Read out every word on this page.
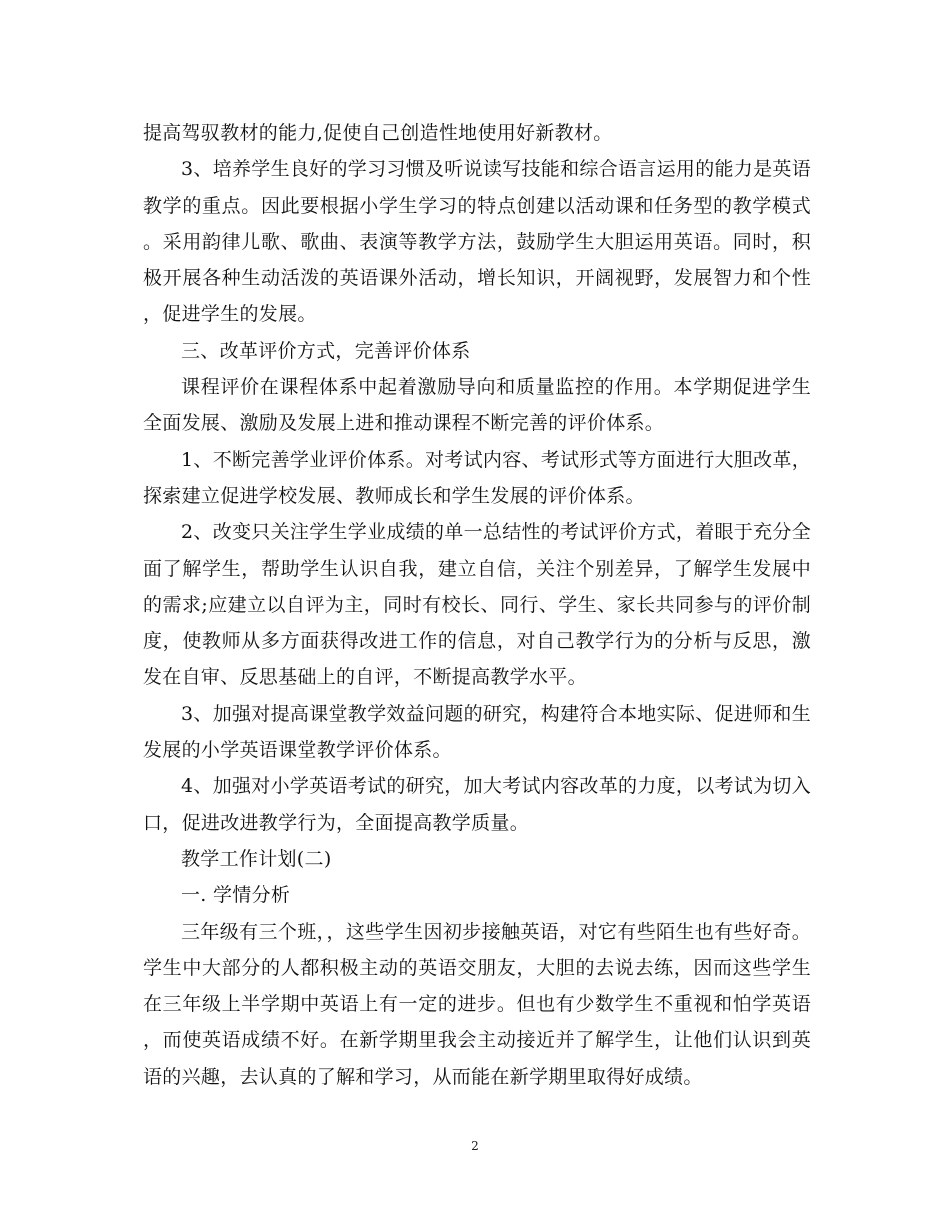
提高驾驭教材的能力,促使自己创造性地使用好新教材。

3、培养学生良好的学习习惯及听说读写技能和综合语言运用的能力是英语教学的重点。因此要根据小学生学习的特点创建以活动课和任务型的教学模式。采用韵律儿歌、歌曲、表演等教学方法，鼓励学生大胆运用英语。同时，积极开展各种生动活泼的英语课外活动，增长知识，开阔视野，发展智力和个性，促进学生的发展。

三、改革评价方式，完善评价体系

课程评价在课程体系中起着激励导向和质量监控的作用。本学期促进学生全面发展、激励及发展上进和推动课程不断完善的评价体系。

1、不断完善学业评价体系。对考试内容、考试形式等方面进行大胆改革，探索建立促进学校发展、教师成长和学生发展的评价体系。

2、改变只关注学生学业成绩的单一总结性的考试评价方式，着眼于充分全面了解学生，帮助学生认识自我，建立自信，关注个别差异，了解学生发展中的需求;应建立以自评为主，同时有校长、同行、学生、家长共同参与的评价制度，使教师从多方面获得改进工作的信息，对自己教学行为的分析与反思，激发在自审、反思基础上的自评，不断提高教学水平。

3、加强对提高课堂教学效益问题的研究，构建符合本地实际、促进师和生发展的小学英语课堂教学评价体系。

4、加强对小学英语考试的研究，加大考试内容改革的力度，以考试为切入口，促进改进教学行为，全面提高教学质量。

教学工作计划(二)

一. 学情分析

三年级有三个班，，这些学生因初步接触英语，对它有些陌生也有些好奇。学生中大部分的人都积极主动的英语交朋友，大胆的去说去练，因而这些学生在三年级上半学期中英语上有一定的进步。但也有少数学生不重视和怕学英语，而使英语成绩不好。在新学期里我会主动接近并了解学生，让他们认识到英语的兴趣，去认真的了解和学习，从而能在新学期里取得好成绩。

2
